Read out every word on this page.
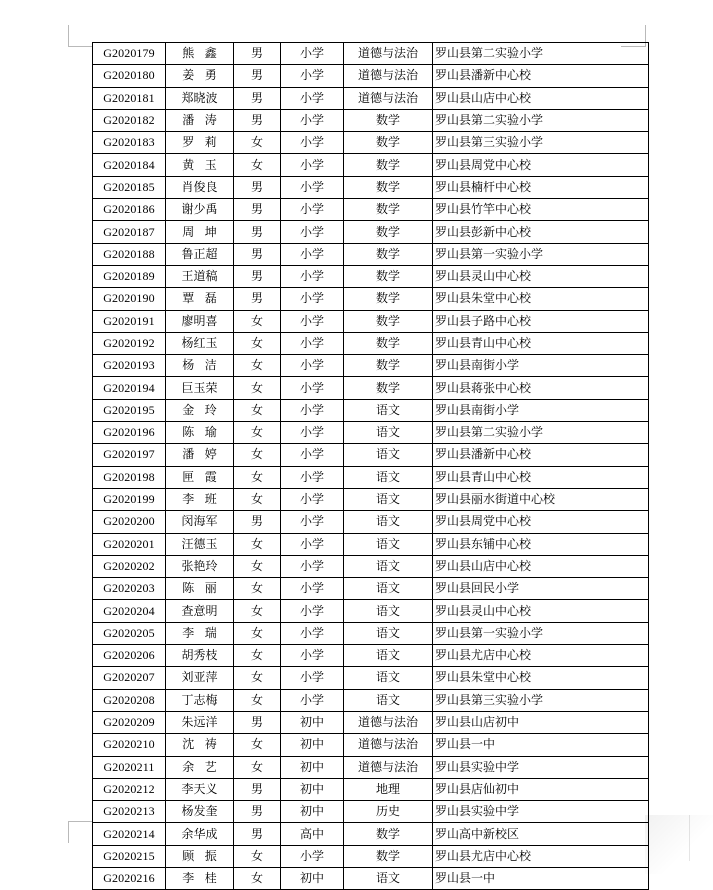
G2020179	熊 鑫	男	小学	道德与法治	罗山县第二实验小学
G2020180	姜 勇	男	小学	道德与法治	罗山县潘新中心校
G2020181	郑晓波	男	小学	道德与法治	罗山县山店中心校
G2020182	潘 涛	男	小学	数学	罗山县第二实验小学
G2020183	罗 莉	女	小学	数学	罗山县第三实验小学
G2020184	黄 玉	女	小学	数学	罗山县周党中心校
G2020185	肖俊良	男	小学	数学	罗山县楠杆中心校
G2020186	谢少禹	男	小学	数学	罗山县竹竿中心校
G2020187	周 坤	男	小学	数学	罗山县彭新中心校
G2020188	鲁正超	男	小学	数学	罗山县第一实验小学
G2020189	王道稿	男	小学	数学	罗山县灵山中心校
G2020190	覃 磊	男	小学	数学	罗山县朱堂中心校
G2020191	廖明喜	女	小学	数学	罗山县子路中心校
G2020192	杨红玉	女	小学	数学	罗山县青山中心校
G2020193	杨 洁	女	小学	数学	罗山县南街小学
G2020194	巨玉荣	女	小学	数学	罗山县蒋张中心校
G2020195	金 玲	女	小学	语文	罗山县南街小学
G2020196	陈 瑜	女	小学	语文	罗山县第二实验小学
G2020197	潘 婷	女	小学	语文	罗山县潘新中心校
G2020198	匣 霞	女	小学	语文	罗山县青山中心校
G2020199	李 班	女	小学	语文	罗山县丽水街道中心校
G2020200	闵海军	男	小学	语文	罗山县周党中心校
G2020201	汪德玉	女	小学	语文	罗山县东铺中心校
G2020202	张艳玲	女	小学	语文	罗山县山店中心校
G2020203	陈 丽	女	小学	语文	罗山县回民小学
G2020204	查意明	女	小学	语文	罗山县灵山中心校
G2020205	李 瑞	女	小学	语文	罗山县第一实验小学
G2020206	胡秀枝	女	小学	语文	罗山县尤店中心校
G2020207	刘亚萍	女	小学	语文	罗山县朱堂中心校
G2020208	丁志梅	女	小学	语文	罗山县第三实验小学
G2020209	朱远洋	男	初中	道德与法治	罗山县山店初中
G2020210	沈 祷	女	初中	道德与法治	罗山县一中
G2020211	余 艺	女	初中	道德与法治	罗山县实验中学
G2020212	李天义	男	初中	地理	罗山县店仙初中
G2020213	杨发奎	男	初中	历史	罗山县实验中学
G2020214	余华成	男	高中	数学	罗山高中新校区
G2020215	顾 振	女	小学	数学	罗山县尤店中心校
G2020216	李 桂	女	初中	语文	罗山县一中
